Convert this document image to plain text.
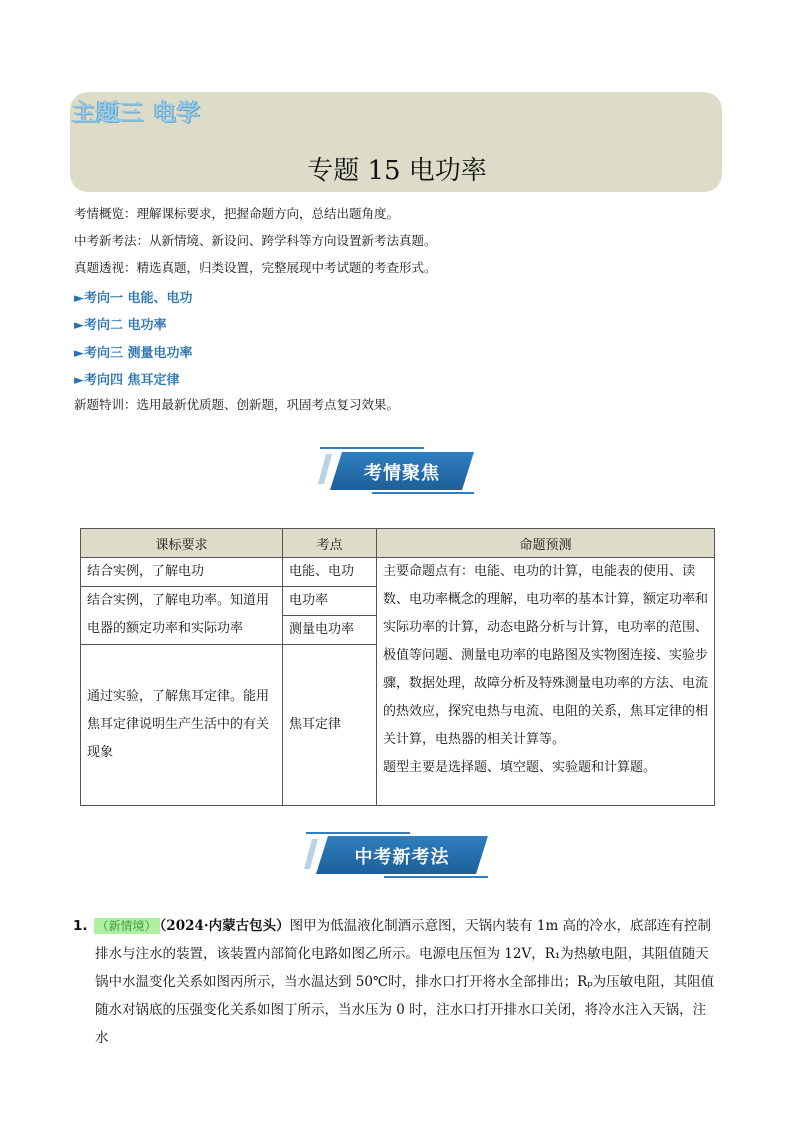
主题三 电学
专题 15 电功率
考情概览：理解课标要求，把握命题方向，总结出题角度。
中考新考法：从新情境、新设问、跨学科等方向设置新考法真题。
真题透视：精选真题，归类设置，完整展现中考试题的考查形式。
►考向一 电能、电功
►考向二 电功率
►考向三 测量电功率
►考向四 焦耳定律
新题特训：选用最新优质题、创新题，巩固考点复习效果。
考情聚焦
课标要求	考点	命题预测
结合实例，了解电功	电能、电功	主要命题点有：电能、电功的计算，电能表的使用、读数、电功率概念的理解，电功率的基本计算，额定功率和实际功率的计算，动态电路分析与计算，电功率的范围、极值等问题、测量电功率的电路图及实物图连接、实验步骤，数据处理，故障分析及特殊测量电功率的方法、电流的热效应，探究电热与电流、电阻的关系，焦耳定律的相关计算，电热器的相关计算等。
题型主要是选择题、填空题、实验题和计算题。
结合实例，了解电功率。知道用电器的额定功率和实际功率	电功率	
	测量电功率	
通过实验，了解焦耳定律。能用焦耳定律说明生产生活中的有关现象	焦耳定律	
中考新考法
1. （新情境） （2024·内蒙古包头）图甲为低温液化制酒示意图，天锅内装有 1m 高的冷水，底部连有控制排水与注水的装置，该装置内部简化电路如图乙所示。电源电压恒为 12V，R₁为热敏电阻，其阻值随天锅中水温变化关系如图丙所示，当水温达到 50℃时，排水口打开将水全部排出；Rₚ为压敏电阻，其阻值随水对锅底的压强变化关系如图丁所示，当水压为 0 时，注水口打开排水口关闭，将冷水注入天锅，注水
